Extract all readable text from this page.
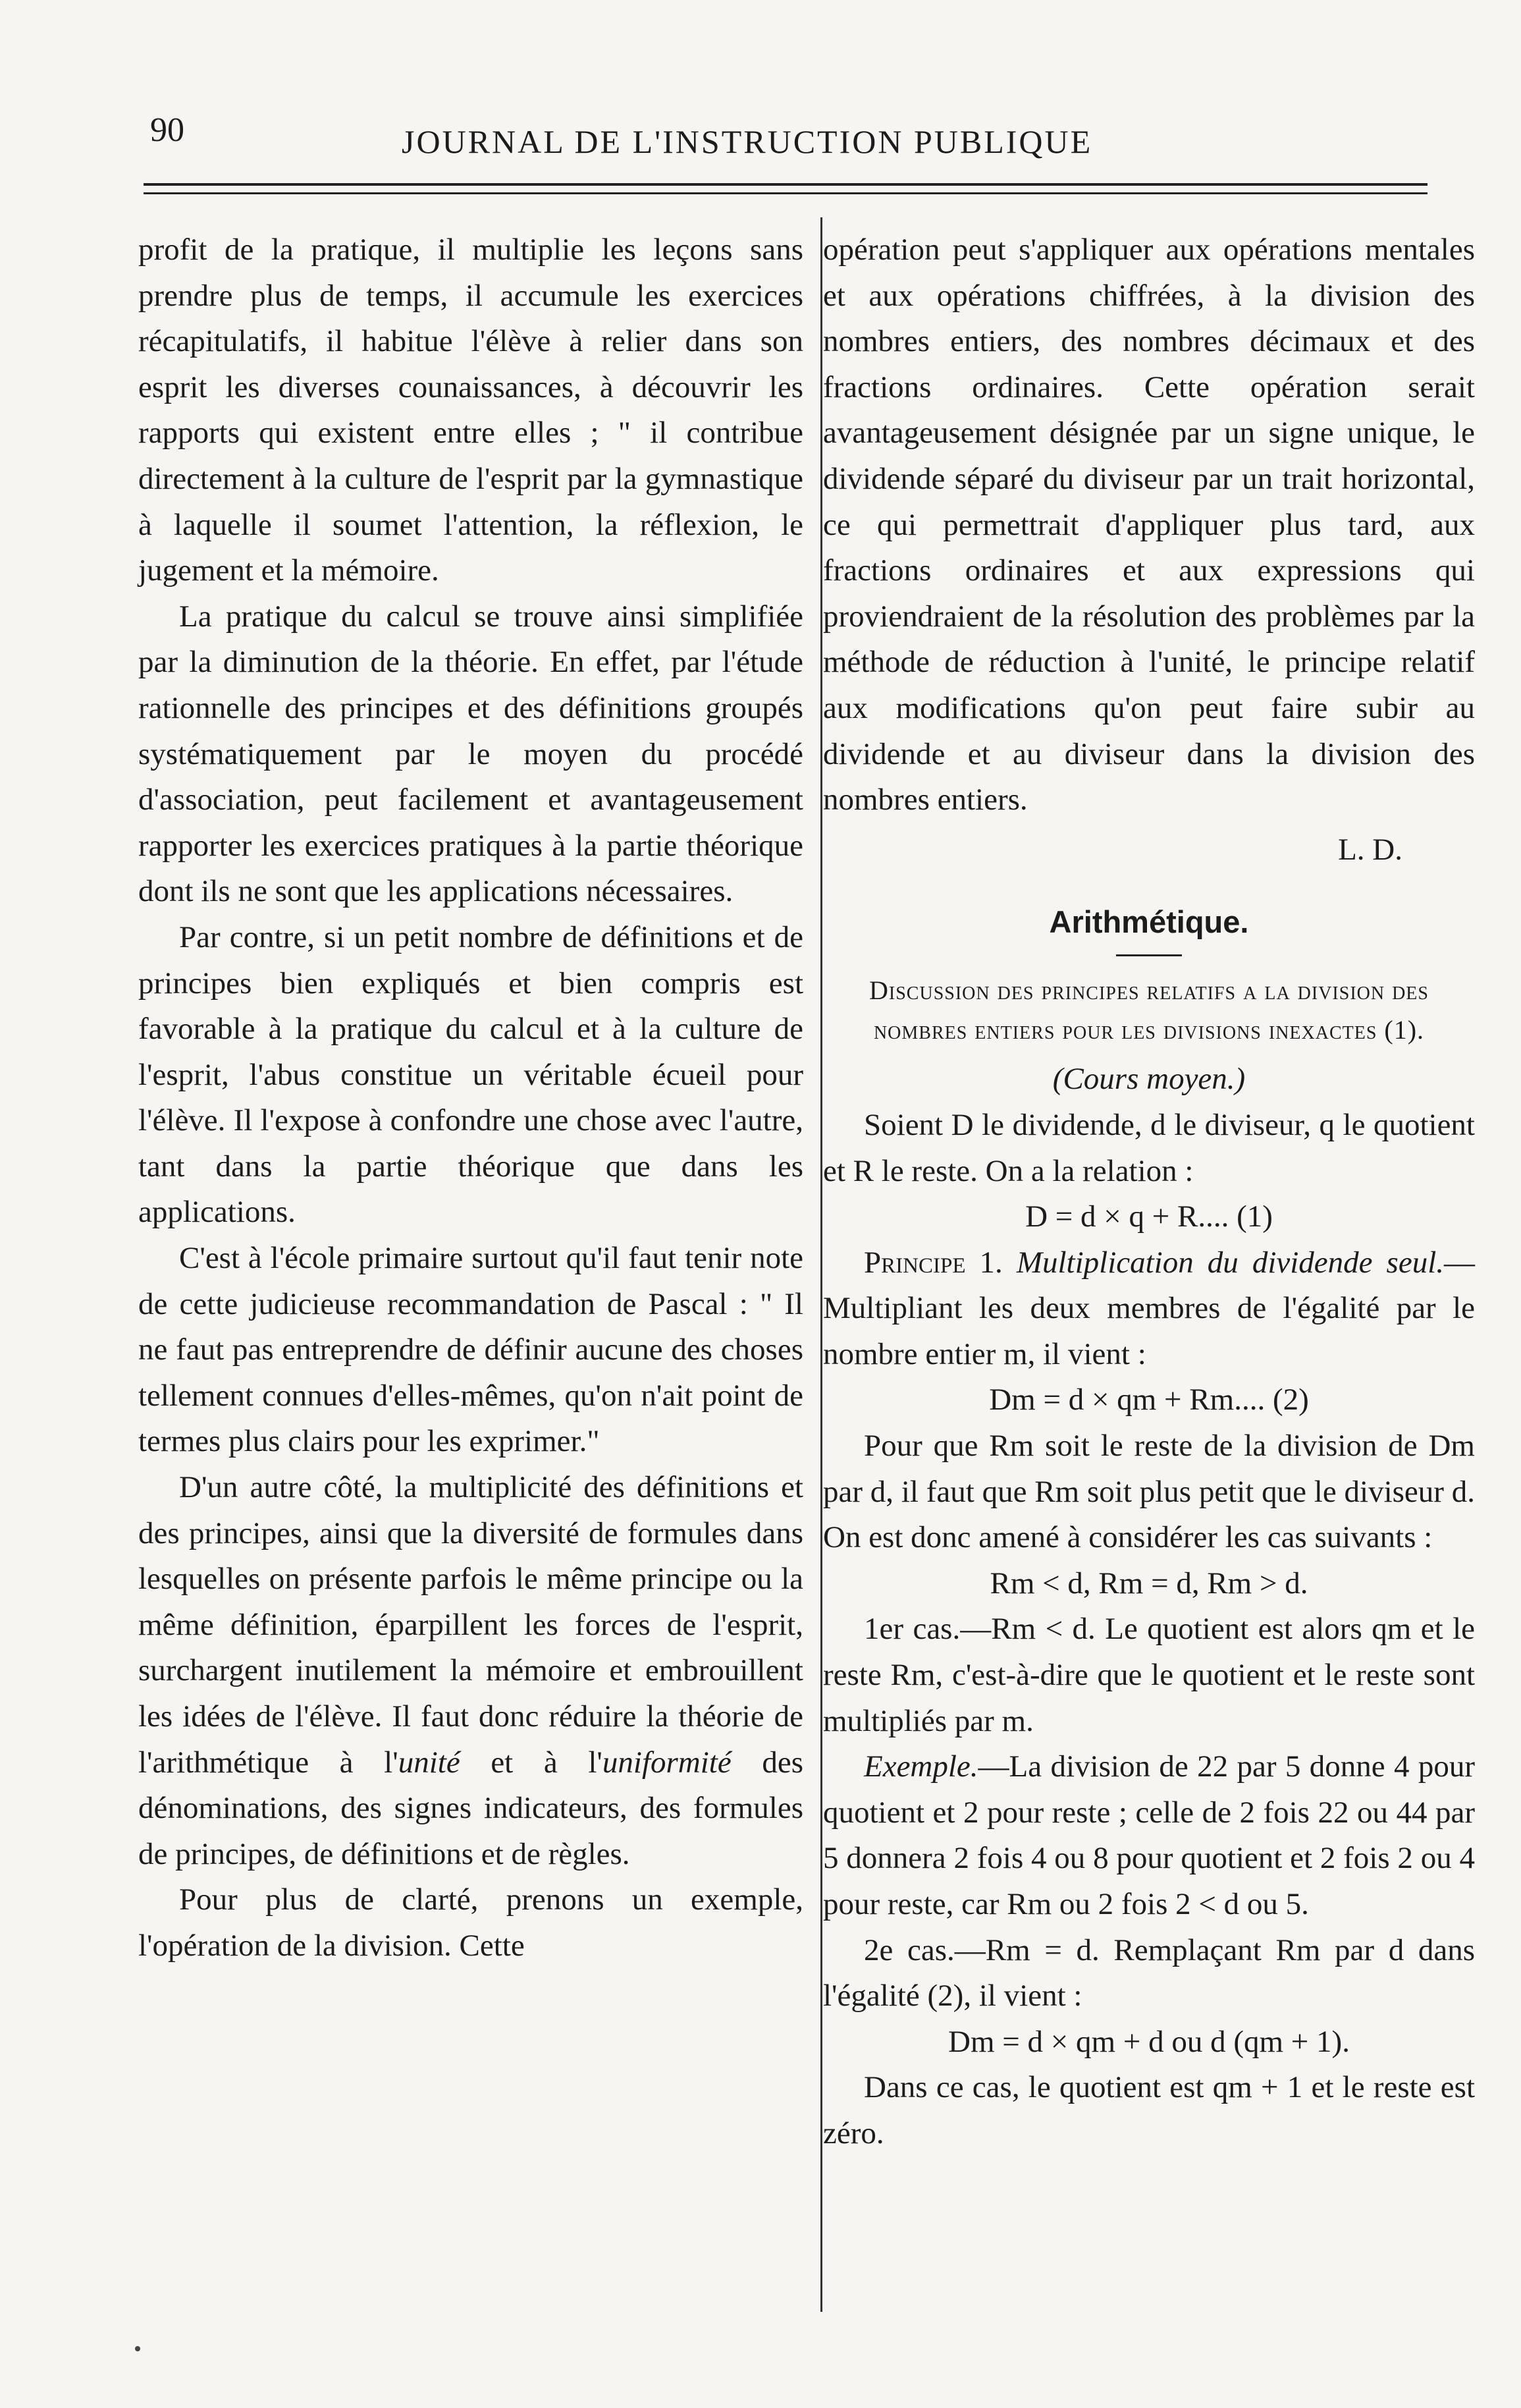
90	JOURNAL DE L'INSTRUCTION PUBLIQUE

profit de la pratique, il multiplie les leçons sans prendre plus de temps, il accumule les exercices récapitulatifs, il habitue l'élève à relier dans son esprit les diverses counaissances, à découvrir les rapports qui existent entre elles ; " il contribue directement à la culture de l'esprit par la gymnastique à laquelle il soumet l'attention, la réflexion, le jugement et la mémoire.

La pratique du calcul se trouve ainsi simplifiée par la diminution de la théorie. En effet, par l'étude rationnelle des principes et des définitions groupés systématiquement par le moyen du procédé d'association, peut facilement et avantageusement rapporter les exercices pratiques à la partie théorique dont ils ne sont que les applications nécessaires.

Par contre, si un petit nombre de définitions et de principes bien expliqués et bien compris est favorable à la pratique du calcul et à la culture de l'esprit, l'abus constitue un véritable écueil pour l'élève. Il l'expose à confondre une chose avec l'autre, tant dans la partie théorique que dans les applications.

C'est à l'école primaire surtout qu'il faut tenir note de cette judicieuse recommandation de Pascal : " Il ne faut pas entreprendre de définir aucune des choses tellement connues d'elles-mêmes, qu'on n'ait point de termes plus clairs pour les exprimer."

D'un autre côté, la multiplicité des définitions et des principes, ainsi que la diversité de formules dans lesquelles on présente parfois le même principe ou la même définition, éparpillent les forces de l'esprit, surchargent inutilement la mémoire et embrouillent les idées de l'élève. Il faut donc réduire la théorie de l'arithmétique à l'unité et à l'uniformité des dénominations, des signes indicateurs, des formules de principes, de définitions et de règles.

Pour plus de clarté, prenons un exemple, l'opération de la division. Cette

opération peut s'appliquer aux opérations mentales et aux opérations chiffrées, à la division des nombres entiers, des nombres décimaux et des fractions ordinaires. Cette opération serait avantageusement désignée par un signe unique, le dividende séparé du diviseur par un trait horizontal, ce qui permettrait d'appliquer plus tard, aux fractions ordinaires et aux expressions qui proviendraient de la résolution des problèmes par la méthode de réduction à l'unité, le principe relatif aux modifications qu'on peut faire subir au dividende et au diviseur dans la division des nombres entiers.

L. D.
Arithmétique.
Discussion des principes relatifs a la division des nombres entiers pour les divisions inexactes (1).
(Cours moyen.)

Soient D le dividende, d le diviseur, q le quotient et R le reste. On a la relation :

D = d × q + R.... (1)

Principe 1. Multiplication du dividende seul.—Multipliant les deux membres de l'égalité par le nombre entier m, il vient :

Dm = d × qm + Rm.... (2)

Pour que Rm soit le reste de la division de Dm par d, il faut que Rm soit plus petit que le diviseur d. On est donc amené à considérer les cas suivants :

Rm < d, Rm = d, Rm > d.

1er cas.—Rm < d. Le quotient est alors qm et le reste Rm, c'est-à-dire que le quotient et le reste sont multipliés par m.

Exemple.—La division de 22 par 5 donne 4 pour quotient et 2 pour reste ; celle de 2 fois 22 ou 44 par 5 donnera 2 fois 4 ou 8 pour quotient et 2 fois 2 ou 4 pour reste, car Rm ou 2 fois 2 < d ou 5.

2e cas.—Rm = d. Remplaçant Rm par d dans l'égalité (2), il vient :

Dm = d × qm + d ou d (qm + 1).

Dans ce cas, le quotient est qm + 1 et le reste est zéro.
